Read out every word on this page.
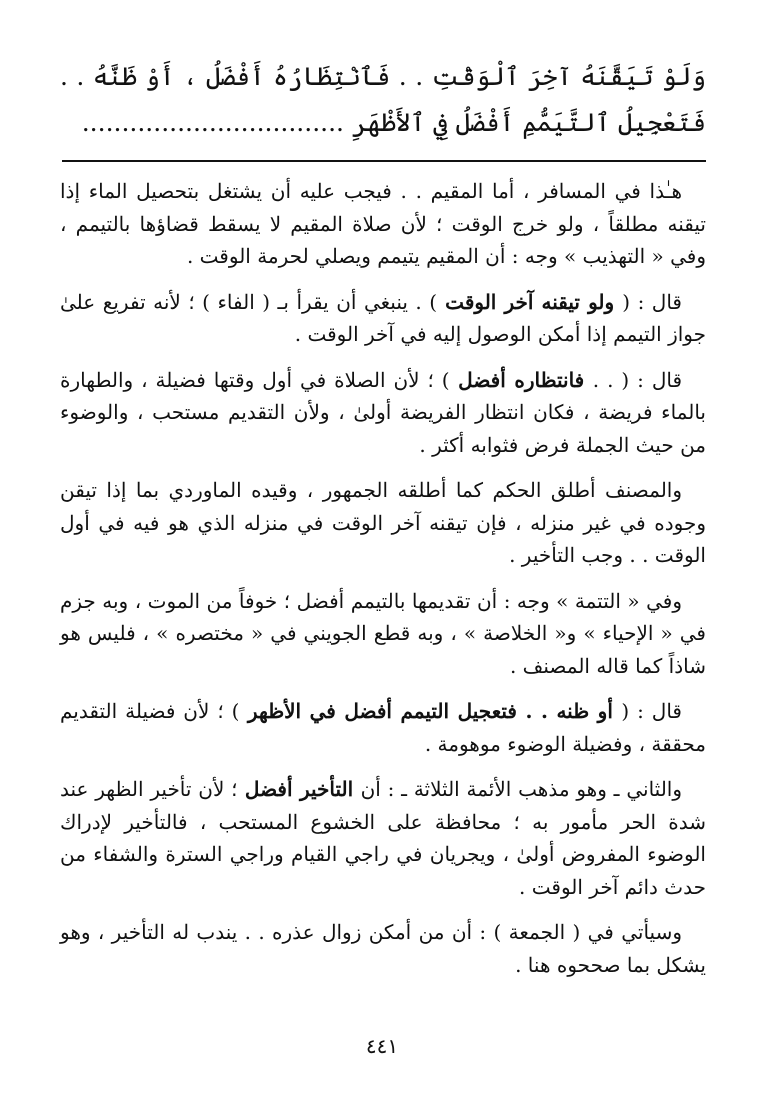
وَلَوْ تَيَقَّنَهُ آخِرَ ٱلْوَقْتِ . . فَٱنْتِظَارُهُ أَفْضَلُ ، أَوْ ظَنَّهُ . . فَتَعْجِيلُ ٱلتَّيَمُّمِ أَفْضَلُ فِي ٱلأَظْهَرِ .................................

هـٰذا في المسافر ، أما المقيم . . فيجب عليه أن يشتغل بتحصيل الماء إذا تيقنه مطلقاً ، ولو خرج الوقت ؛ لأن صلاة المقيم لا يسقط قضاؤها بالتيمم ، وفي « التهذيب » وجه : أن المقيم يتيمم ويصلي لحرمة الوقت .

قال : ( ولو تيقنه آخر الوقت ) . ينبغي أن يقرأ بـ ( الفاء ) ؛ لأنه تفريع علىٰ جواز التيمم إذا أمكن الوصول إليه في آخر الوقت .

قال : ( . . فانتظاره أفضل ) ؛ لأن الصلاة في أول وقتها فضيلة ، والطهارة بالماء فريضة ، فكان انتظار الفريضة أولىٰ ، ولأن التقديم مستحب ، والوضوء من حيث الجملة فرض فثوابه أكثر .

والمصنف أطلق الحكم كما أطلقه الجمهور ، وقيده الماوردي بما إذا تيقن وجوده في غير منزله ، فإن تيقنه آخر الوقت في منزله الذي هو فيه في أول الوقت . . وجب التأخير .

وفي « التتمة » وجه : أن تقديمها بالتيمم أفضل ؛ خوفاً من الموت ، وبه جزم في « الإحياء » و« الخلاصة » ، وبه قطع الجويني في « مختصره » ، فليس هو شاذاً كما قاله المصنف .

قال : ( أو ظنه . . فتعجيل التيمم أفضل في الأظهر ) ؛ لأن فضيلة التقديم محققة ، وفضيلة الوضوء موهومة .

والثاني ـ وهو مذهب الأئمة الثلاثة ـ : أن التأخير أفضل ؛ لأن تأخير الظهر عند شدة الحر مأمور به ؛ محافظة على الخشوع المستحب ، فالتأخير لإدراك الوضوء المفروض أولىٰ ، ويجريان في راجي القيام وراجي السترة والشفاء من حدث دائم آخر الوقت .

وسيأتي في ( الجمعة ) : أن من أمكن زوال عذره . . يندب له التأخير ، وهو يشكل بما صححوه هنا .

٤٤١
